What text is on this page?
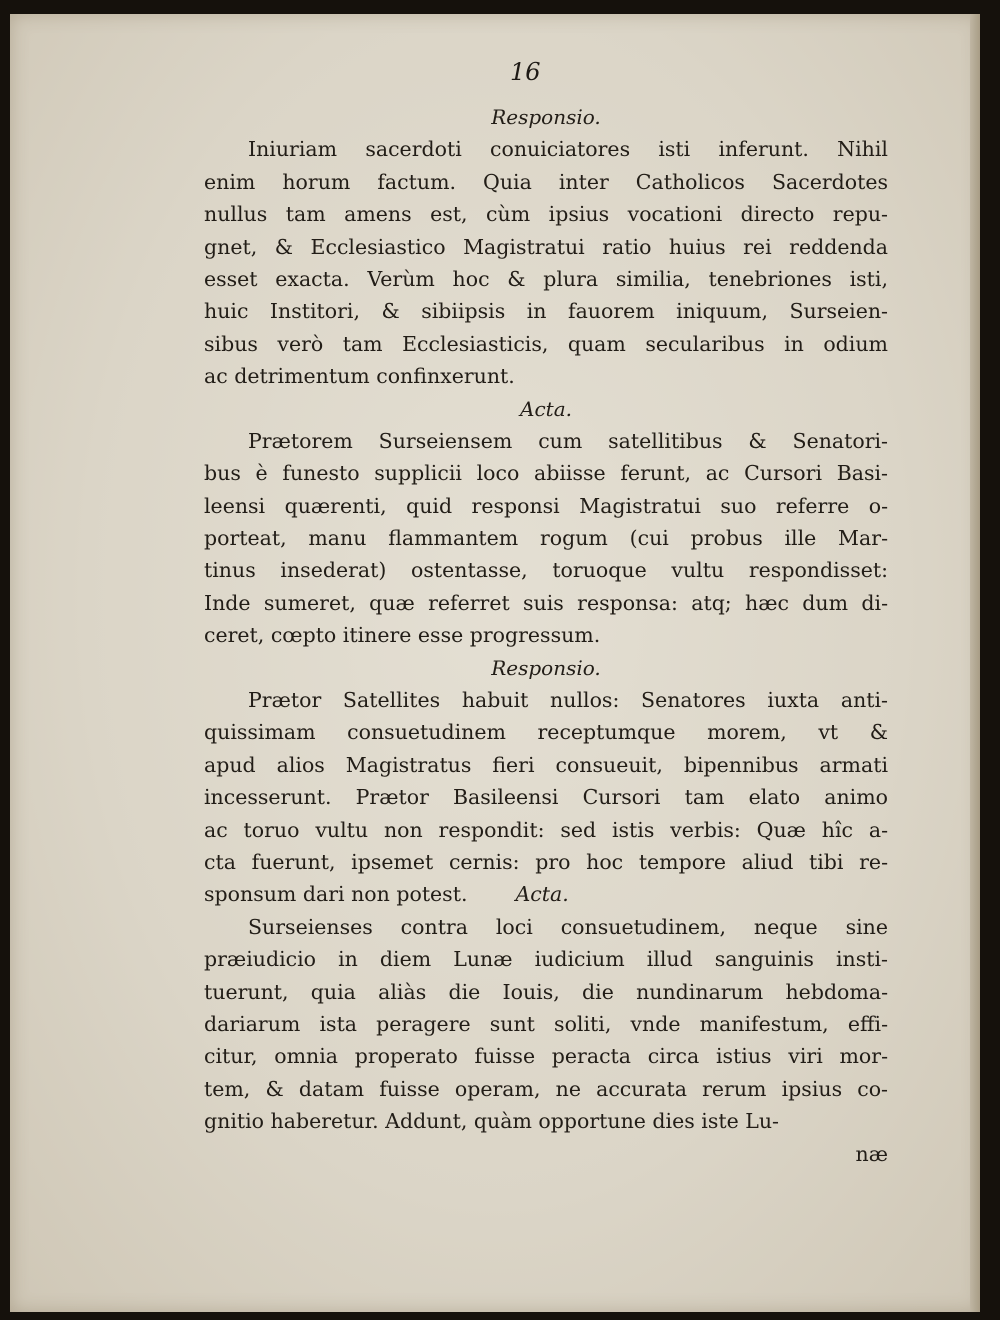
16
Responsio.
Iniuriam sacerdoti conuiciatores isti inferunt. Nihil
enim horum factum. Quia inter Catholicos Sacerdotes
nullus tam amens est, cùm ipsius vocationi directo repu-
gnet, & Ecclesiastico Magistratui ratio huius rei reddenda
esset exacta. Verùm hoc & plura similia, tenebriones isti,
huic Institori, & sibiipsis in fauorem iniquum, Surseien-
sibus verò tam Ecclesiasticis, quam secularibus in odium
ac detrimentum confinxerunt.
Acta.
Prætorem Surseiensem cum satellitibus & Senatori-
bus è funesto supplicii loco abiisse ferunt, ac Cursori Basi-
leensi quærenti, quid responsi Magistratui suo referre o-
porteat, manu flammantem rogum (cui probus ille Mar-
tinus insederat) ostentasse, toruoque vultu respondisset:
Inde sumeret, quæ referret suis responsa: atq; hæc dum di-
ceret, cœpto itinere esse progressum.
Responsio.
Prætor Satellites habuit nullos: Senatores iuxta anti-
quissimam consuetudinem receptumque morem, vt &
apud alios Magistratus fieri consueuit, bipennibus armati
incesserunt. Prætor Basileensi Cursori tam elato animo
ac toruo vultu non respondit: sed istis verbis: Quæ hîc a-
cta fuerunt, ipsemet cernis: pro hoc tempore aliud tibi re-
sponsum dari non potest. Acta.
Surseienses contra loci consuetudinem, neque sine
præiudicio in diem Lunæ iudicium illud sanguinis insti-
tuerunt, quia aliàs die Iouis, die nundinarum hebdoma-
dariarum ista peragere sunt soliti, vnde manifestum, effi-
citur, omnia properato fuisse peracta circa istius viri mor-
tem, & datam fuisse operam, ne accurata rerum ipsius co-
gnitio haberetur. Addunt, quàm opportune dies iste Lu-
næ
